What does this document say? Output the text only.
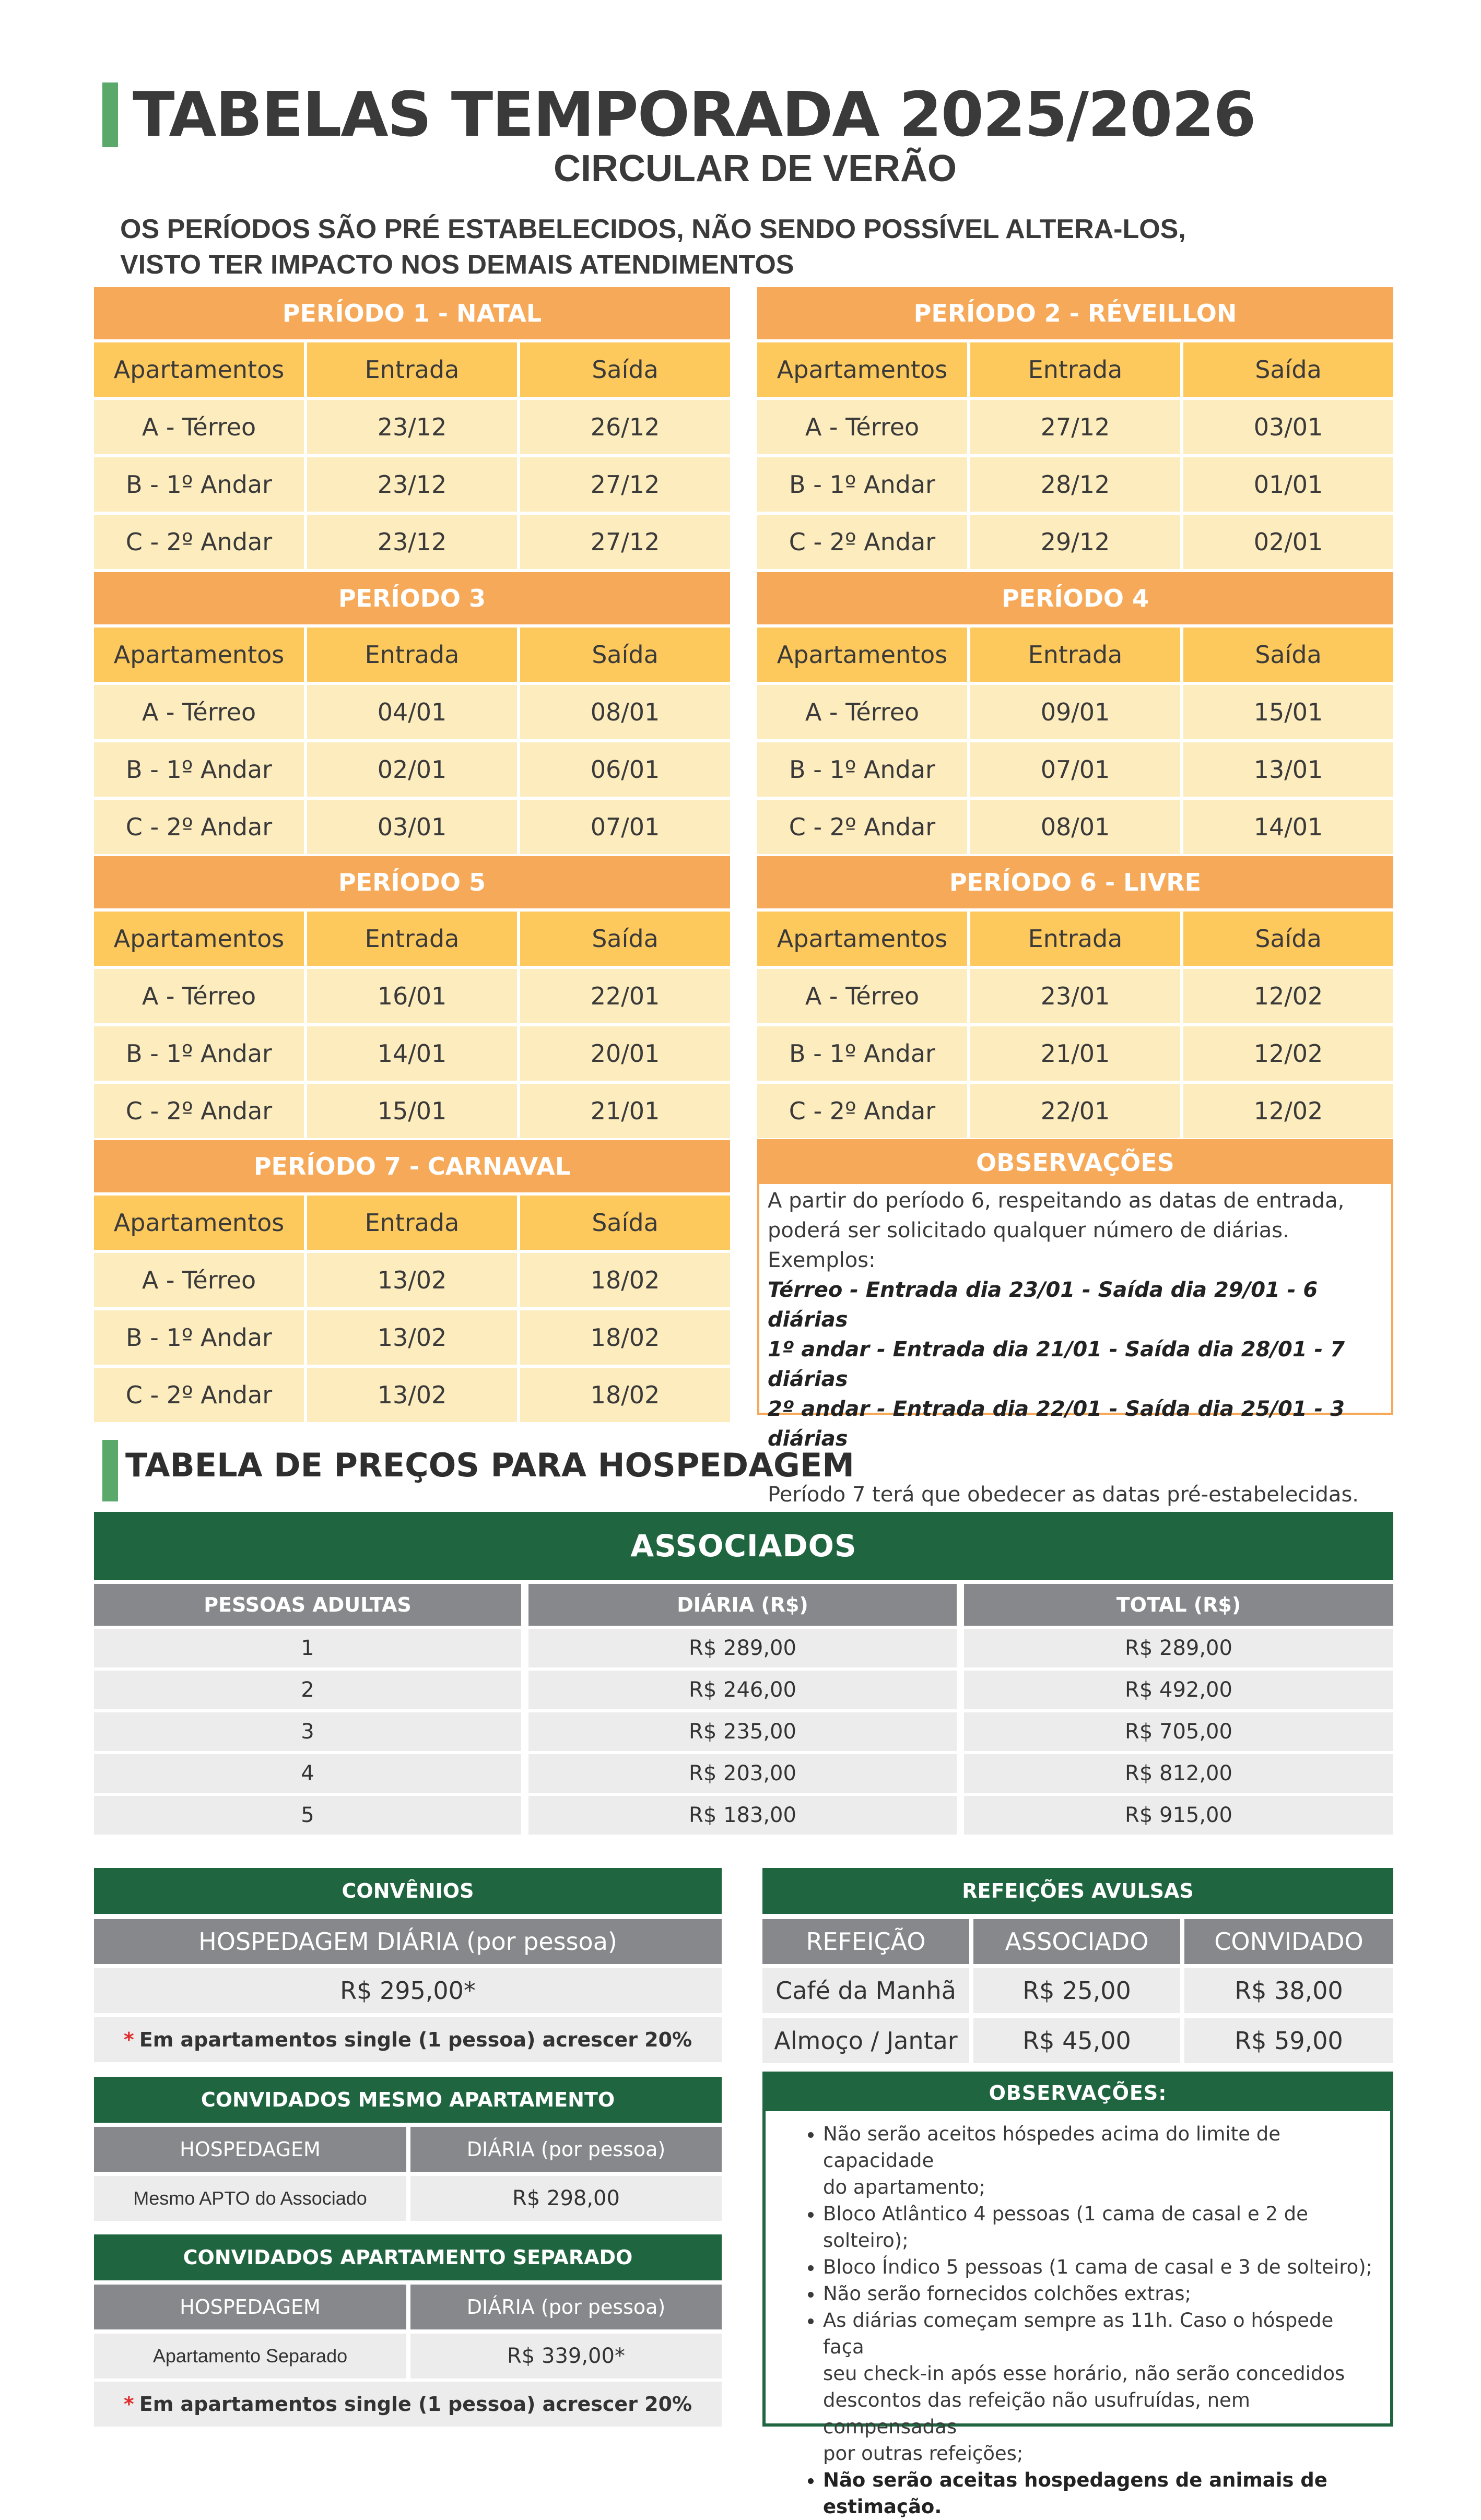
TABELAS TEMPORADA 2025/2026
CIRCULAR DE VERÃO
OS PERÍODOS SÃO PRÉ ESTABELECIDOS, NÃO SENDO POSSÍVEL ALTERA-LOS,
VISTO TER IMPACTO NOS DEMAIS ATENDIMENTOS
PERÍODO 1 - NATAL
Apartamentos	Entrada	Saída
A - Térreo	23/12	26/12
B - 1º Andar	23/12	27/12
C - 2º Andar	23/12	27/12
PERÍODO 2 - RÉVEILLON
Apartamentos	Entrada	Saída
A - Térreo	27/12	03/01
B - 1º Andar	28/12	01/01
C - 2º Andar	29/12	02/01
PERÍODO 3
Apartamentos	Entrada	Saída
A - Térreo	04/01	08/01
B - 1º Andar	02/01	06/01
C - 2º Andar	03/01	07/01
PERÍODO 4
Apartamentos	Entrada	Saída
A - Térreo	09/01	15/01
B - 1º Andar	07/01	13/01
C - 2º Andar	08/01	14/01
PERÍODO 5
Apartamentos	Entrada	Saída
A - Térreo	16/01	22/01
B - 1º Andar	14/01	20/01
C - 2º Andar	15/01	21/01
PERÍODO 6 - LIVRE
Apartamentos	Entrada	Saída
A - Térreo	23/01	12/02
B - 1º Andar	21/01	12/02
C - 2º Andar	22/01	12/02
PERÍODO 7 - CARNAVAL
Apartamentos	Entrada	Saída
A - Térreo	13/02	18/02
B - 1º Andar	13/02	18/02
C - 2º Andar	13/02	18/02
OBSERVAÇÕES
A partir do período 6, respeitando as datas de entrada,
poderá ser solicitado qualquer número de diárias.
Exemplos:
Térreo - Entrada dia 23/01 - Saída dia 29/01 - 6 diárias
1º andar - Entrada dia 21/01 - Saída dia 28/01 - 7 diárias
2º andar - Entrada dia 22/01 - Saída dia 25/01 - 3 diárias
Período 7 terá que obedecer as datas pré-estabelecidas.
TABELA DE PREÇOS PARA HOSPEDAGEM
ASSOCIADOS
PESSOAS ADULTAS	DIÁRIA (R$)	TOTAL (R$)
1	R$ 289,00	R$ 289,00
2	R$ 246,00	R$ 492,00
3	R$ 235,00	R$ 705,00
4	R$ 203,00	R$ 812,00
5	R$ 183,00	R$ 915,00
CONVÊNIOS
HOSPEDAGEM DIÁRIA (por pessoa)
R$ 295,00*
* Em apartamentos single (1 pessoa) acrescer 20%
REFEIÇÕES AVULSAS
REFEIÇÃO	ASSOCIADO	CONVIDADO
Café da Manhã	R$ 25,00	R$ 38,00
Almoço / Jantar	R$ 45,00	R$ 59,00
CONVIDADOS MESMO APARTAMENTO
HOSPEDAGEM	DIÁRIA (por pessoa)
Mesmo APTO do Associado	R$ 298,00
CONVIDADOS APARTAMENTO SEPARADO
HOSPEDAGEM	DIÁRIA (por pessoa)
Apartamento Separado	R$ 339,00*
* Em apartamentos single (1 pessoa) acrescer 20%
OBSERVAÇÕES:
• Não serão aceitos hóspedes acima do limite de capacidade
do apartamento;
• Bloco Atlântico 4 pessoas (1 cama de casal e 2 de solteiro);
• Bloco Índico 5 pessoas (1 cama de casal e 3 de solteiro);
• Não serão fornecidos colchões extras;
• As diárias começam sempre as 11h. Caso o hóspede faça
seu check-in após esse horário, não serão concedidos
descontos das refeição não usufruídas, nem compensadas
por outras refeições;
• Não serão aceitas hospedagens de animais de
estimação.
